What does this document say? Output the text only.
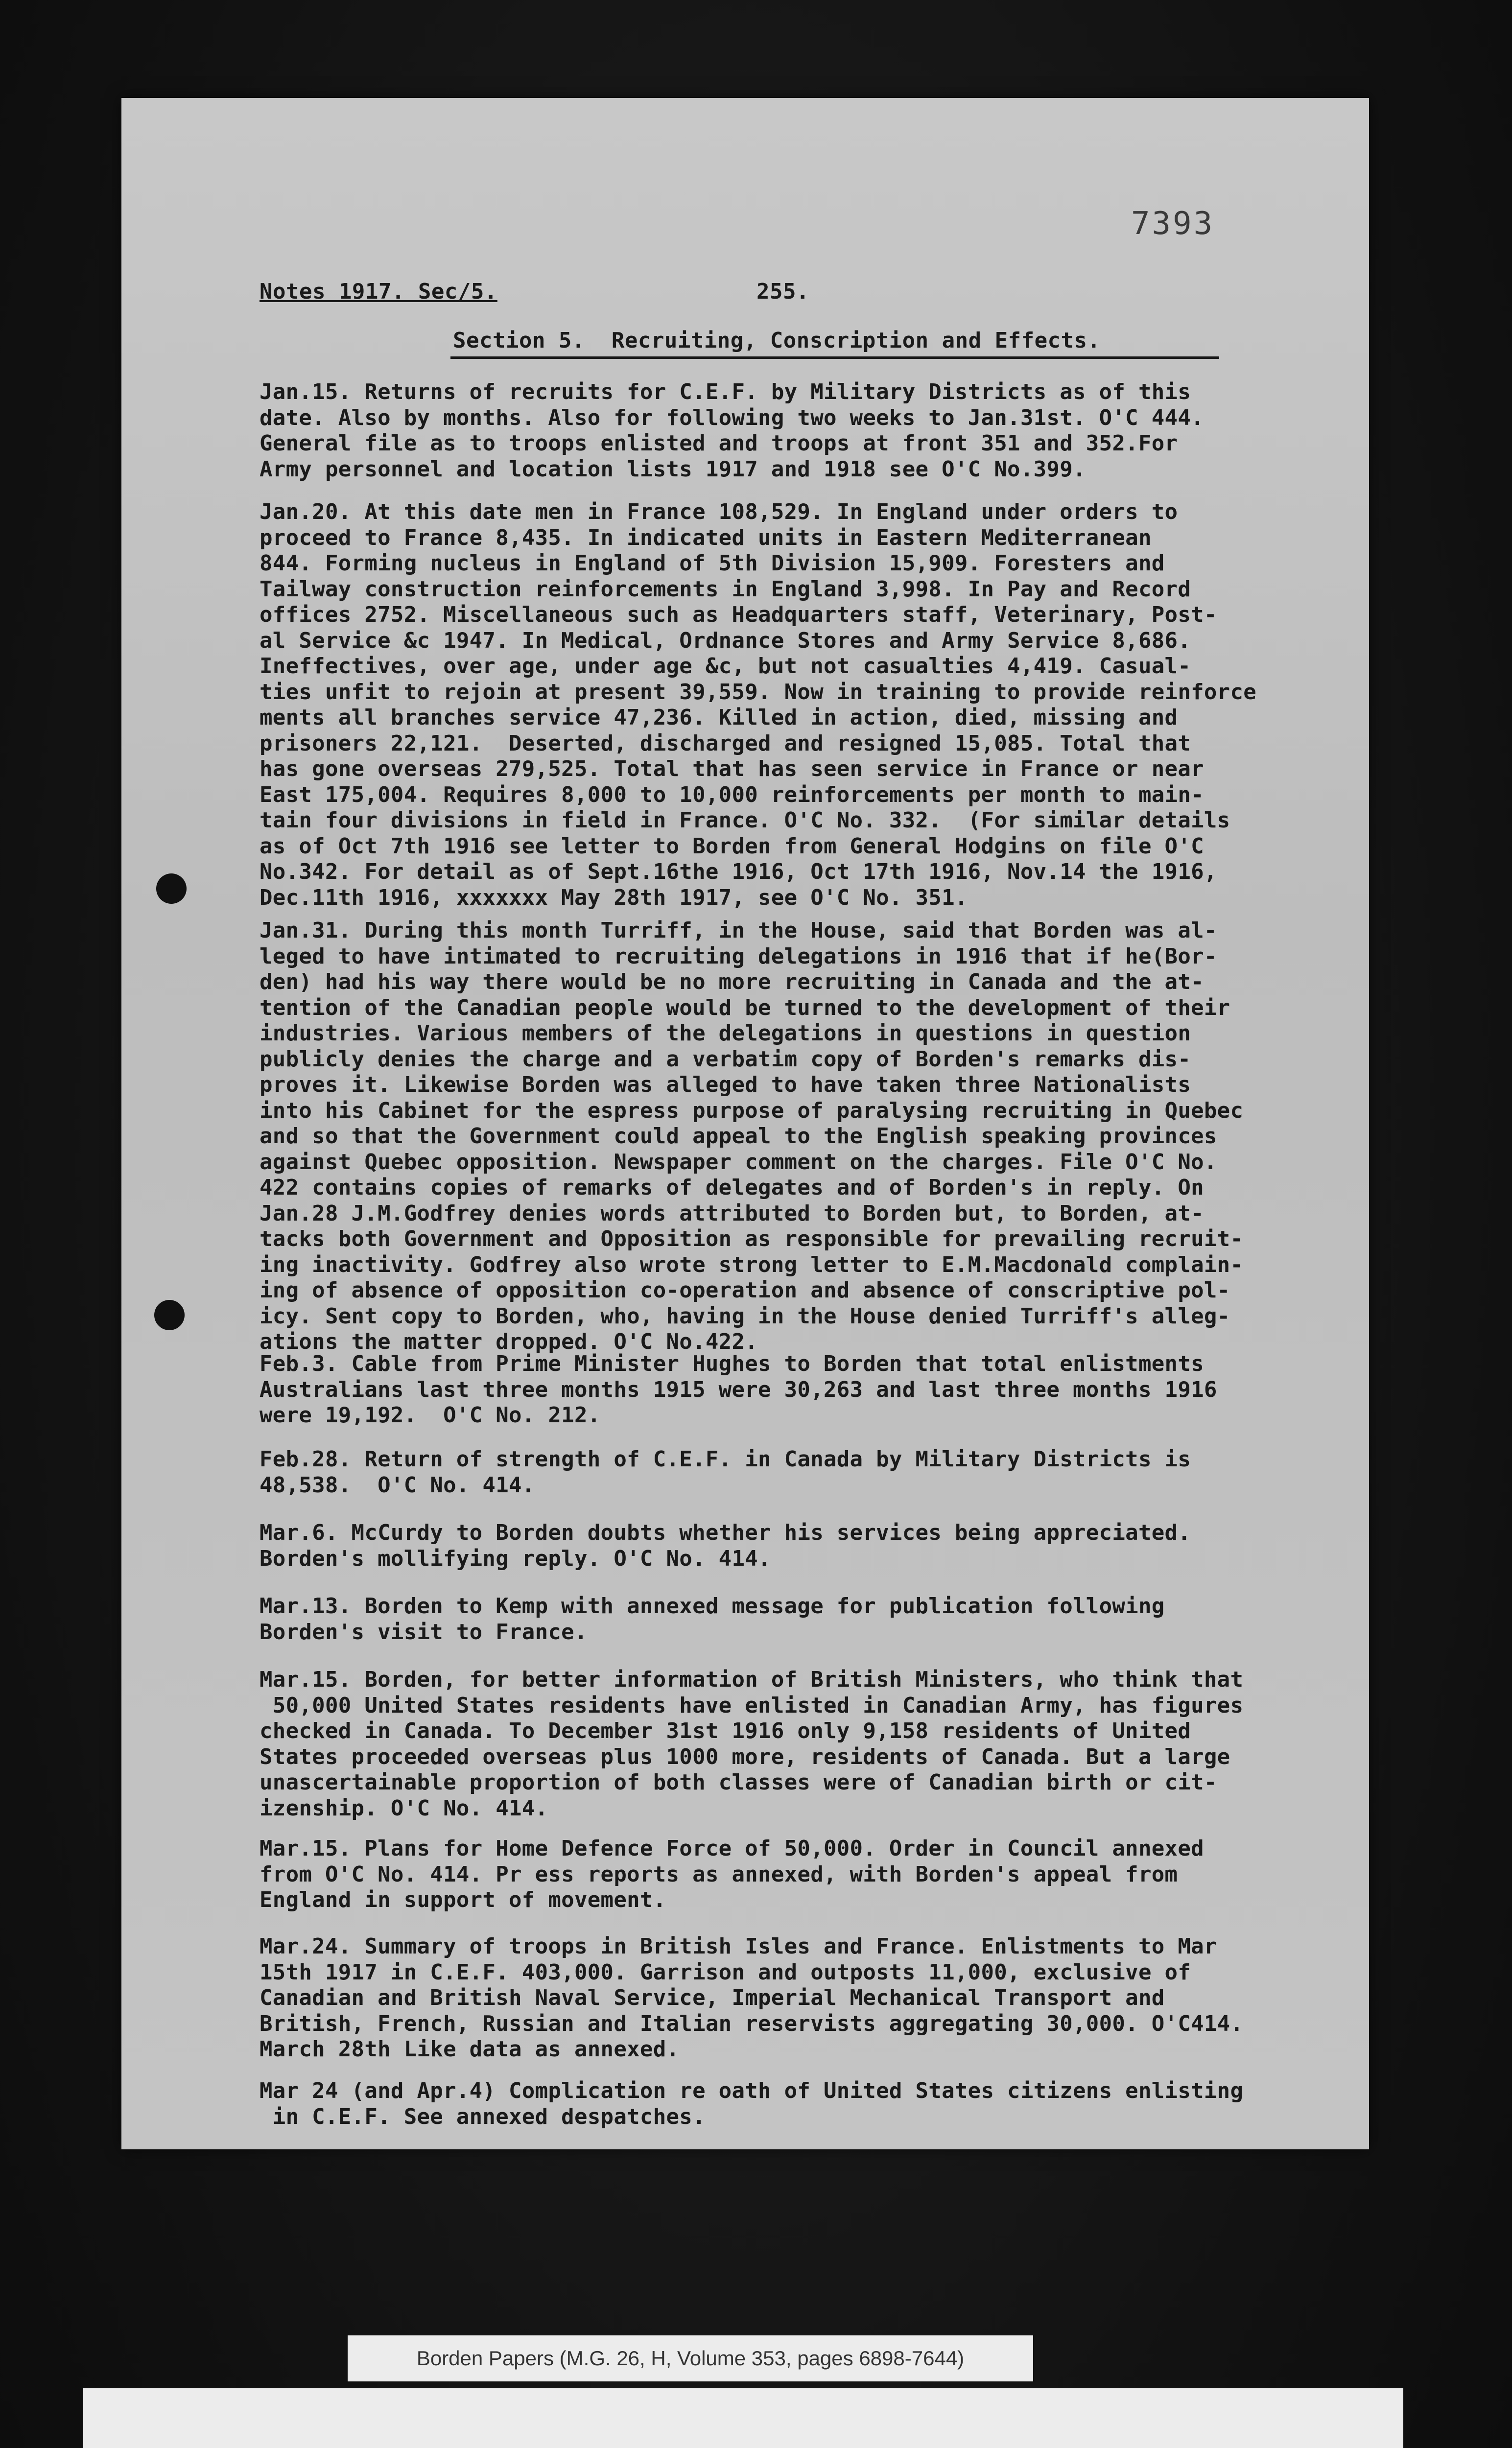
7393
Notes 1917. Sec/5.	255.
Section 5.  Recruiting, Conscription and Effects.
Jan.15. Returns of recruits for C.E.F. by Military Districts as of this
date. Also by months. Also for following two weeks to Jan.31st. O'C 444.
General file as to troops enlisted and troops at front 351 and 352.For
Army personnel and location lists 1917 and 1918 see O'C No.399.
Jan.20. At this date men in France 108,529. In England under orders to
proceed to France 8,435. In indicated units in Eastern Mediterranean
844. Forming nucleus in England of 5th Division 15,909. Foresters and
Tailway construction reinforcements in England 3,998. In Pay and Record
offices 2752. Miscellaneous such as Headquarters staff, Veterinary, Post-
al Service &c 1947. In Medical, Ordnance Stores and Army Service 8,686.
Ineffectives, over age, under age &c, but not casualties 4,419. Casual-
ties unfit to rejoin at present 39,559. Now in training to provide reinforce
ments all branches service 47,236. Killed in action, died, missing and
prisoners 22,121.  Deserted, discharged and resigned 15,085. Total that
has gone overseas 279,525. Total that has seen service in France or near
East 175,004. Requires 8,000 to 10,000 reinforcements per month to main-
tain four divisions in field in France. O'C No. 332.  (For similar details
as of Oct 7th 1916 see letter to Borden from General Hodgins on file O'C
No.342. For detail as of Sept.16the 1916, Oct 17th 1916, Nov.14 the 1916,
Dec.11th 1916, xxxxxxx May 28th 1917, see O'C No. 351.
Jan.31. During this month Turriff, in the House, said that Borden was al-
leged to have intimated to recruiting delegations in 1916 that if he(Bor-
den) had his way there would be no more recruiting in Canada and the at-
tention of the Canadian people would be turned to the development of their
industries. Various members of the delegations in questions in question
publicly denies the charge and a verbatim copy of Borden's remarks dis-
proves it. Likewise Borden was alleged to have taken three Nationalists
into his Cabinet for the espress purpose of paralysing recruiting in Quebec
and so that the Government could appeal to the English speaking provinces
against Quebec opposition. Newspaper comment on the charges. File O'C No.
422 contains copies of remarks of delegates and of Borden's in reply. On
Jan.28 J.M.Godfrey denies words attributed to Borden but, to Borden, at-
tacks both Government and Opposition as responsible for prevailing recruit-
ing inactivity. Godfrey also wrote strong letter to E.M.Macdonald complain-
ing of absence of opposition co-operation and absence of conscriptive pol-
icy. Sent copy to Borden, who, having in the House denied Turriff's alleg-
ations the matter dropped. O'C No.422.
Feb.3. Cable from Prime Minister Hughes to Borden that total enlistments
Australians last three months 1915 were 30,263 and last three months 1916
were 19,192.  O'C No. 212.
Feb.28. Return of strength of C.E.F. in Canada by Military Districts is
48,538.  O'C No. 414.
Mar.6. McCurdy to Borden doubts whether his services being appreciated.
Borden's mollifying reply. O'C No. 414.
Mar.13. Borden to Kemp with annexed message for publication following
Borden's visit to France.
Mar.15. Borden, for better information of British Ministers, who think that
50,000 United States residents have enlisted in Canadian Army, has figures
checked in Canada. To December 31st 1916 only 9,158 residents of United
States proceeded overseas plus 1000 more, residents of Canada. But a large
unascertainable proportion of both classes were of Canadian birth or cit-
izenship. O'C No. 414.
Mar.15. Plans for Home Defence Force of 50,000. Order in Council annexed
from O'C No. 414. Pr ess reports as annexed, with Borden's appeal from
England in support of movement.
Mar.24. Summary of troops in British Isles and France. Enlistments to Mar
15th 1917 in C.E.F. 403,000. Garrison and outposts 11,000, exclusive of
Canadian and British Naval Service, Imperial Mechanical Transport and
British, French, Russian and Italian reservists aggregating 30,000. O'C414.
March 28th Like data as annexed.
Mar 24 (and Apr.4) Complication re oath of United States citizens enlisting
in C.E.F. See annexed despatches.
Borden Papers (M.G. 26, H, Volume 353, pages 6898-7644)
